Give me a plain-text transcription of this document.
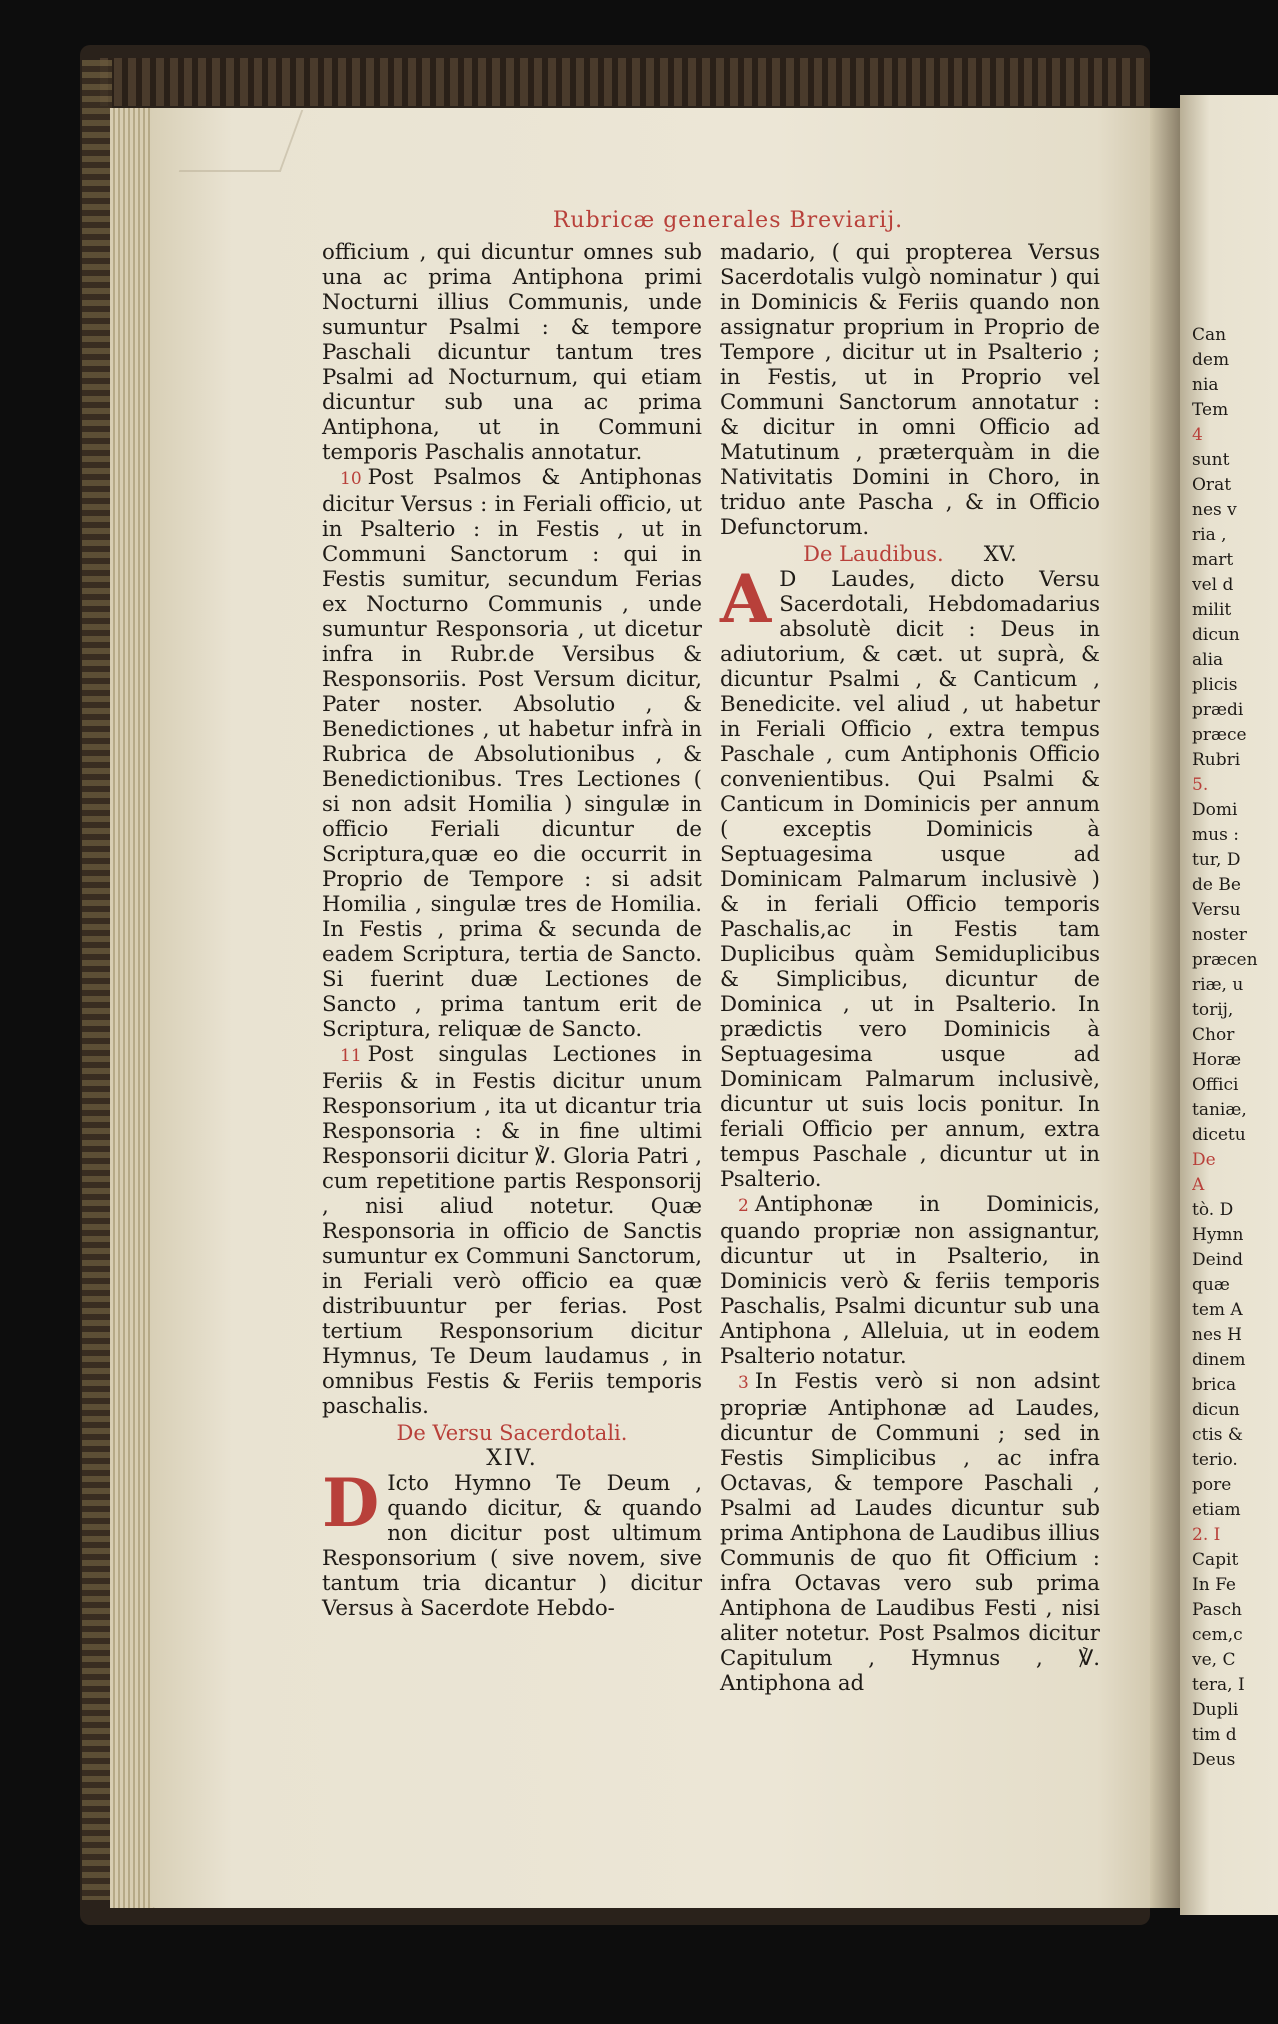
Can
dem
nia
Tem
4
sunt
Orat
nes v
ria ,
mart
vel d
milit
dicun
alia
plicis
prædi
præce
Rubri
5.
Domi
mus :
tur, D
de Be
Versu
noster
præcen
riæ, u
torij,
Chor
Horæ
Offici
taniæ,
dicetu
De
A
tò. D
Hymn
Deind
quæ
tem A
nes H
dinem
brica
dicun
ctis &
terio.
pore
etiam
2. I
Capit
In Fe
Pasch
cem,c
ve, C
tera, I
Dupli
tim d
Deus
Rubricæ generales Breviarij.

officium , qui dicuntur omnes sub una ac prima Antiphona primi Nocturni illius Communis, unde sumuntur Psalmi : & tempore Paschali dicuntur tantum tres Psalmi ad Nocturnum, qui etiam dicuntur sub una ac prima Antiphona, ut in Communi temporis Paschalis annotatur.

10 Post Psalmos & Antiphonas dicitur Versus : in Feriali officio, ut in Psalterio : in Festis , ut in Communi Sanctorum : qui in Festis sumitur, secundum Ferias ex Nocturno Communis , unde sumuntur Responsoria , ut dicetur infra in Rubr.de Versibus & Responsoriis. Post Versum dicitur, Pater noster. Absolutio , & Benedictiones , ut habetur infrà in Rubrica de Absolutionibus , & Benedictionibus. Tres Lectiones ( si non adsit Homilia ) singulæ in officio Feriali dicuntur de Scriptura,quæ eo die occurrit in Proprio de Tempore : si adsit Homilia , singulæ tres de Homilia. In Festis , prima & secunda de eadem Scriptura, tertia de Sancto. Si fuerint duæ Lectiones de Sancto , prima tantum erit de Scriptura, reliquæ de Sancto.

11 Post singulas Lectiones in Feriis & in Festis dicitur unum Responsorium , ita ut dicantur tria Responsoria : & in fine ultimi Responsorii dicitur ℣. Gloria Patri , cum repetitione partis Responsorij , nisi aliud notetur. Quæ Responsoria in officio de Sanctis sumuntur ex Communi Sanctorum, in Feriali verò officio ea quæ distribuuntur per ferias. Post tertium Responsorium dicitur Hymnus, Te Deum laudamus , in omnibus Festis & Feriis temporis paschalis.

De Versu Sacerdotali.
XIV.

D Icto Hymno Te Deum , quando dicitur, & quando non dicitur post ultimum Responsorium ( sive novem, sive tantum tria dicantur ) dicitur Versus à Sacerdote Hebdo-

madario, ( qui propterea Versus Sacerdotalis vulgò nominatur ) qui in Dominicis & Feriis quando non assignatur proprium in Proprio de Tempore , dicitur ut in Psalterio ; in Festis, ut in Proprio vel Communi Sanctorum annotatur : & dicitur in omni Officio ad Matutinum , præterquàm in die Nativitatis Domini in Choro, in triduo ante Pascha , & in Officio Defunctorum.

De Laudibus. XV.

A D Laudes, dicto Versu Sacerdotali, Hebdomadarius absolutè dicit : Deus in adiutorium, & cæt. ut suprà, & dicuntur Psalmi , & Canticum , Benedicite. vel aliud , ut habetur in Feriali Officio , extra tempus Paschale , cum Antiphonis Officio convenientibus. Qui Psalmi & Canticum in Dominicis per annum ( exceptis Dominicis à Septuagesima usque ad Dominicam Palmarum inclusivè ) & in feriali Officio temporis Paschalis,ac in Festis tam Duplicibus quàm Semiduplicibus & Simplicibus, dicuntur de Dominica , ut in Psalterio. In prædictis vero Dominicis à Septuagesima usque ad Dominicam Palmarum inclusivè, dicuntur ut suis locis ponitur. In feriali Officio per annum, extra tempus Paschale , dicuntur ut in Psalterio.

2 Antiphonæ in Dominicis, quando propriæ non assignantur, dicuntur ut in Psalterio, in Dominicis verò & feriis temporis Paschalis, Psalmi dicuntur sub una Antiphona , Alleluia, ut in eodem Psalterio notatur.

3 In Festis verò si non adsint propriæ Antiphonæ ad Laudes, dicuntur de Communi ; sed in Festis Simplicibus , ac infra Octavas, & tempore Paschali , Psalmi ad Laudes dicuntur sub prima Antiphona de Laudibus illius Communis de quo fit Officium : infra Octavas vero sub prima Antiphona de Laudibus Festi , nisi aliter notetur. Post Psalmos dicitur Capitulum , Hymnus , ℣. Antiphona ad
